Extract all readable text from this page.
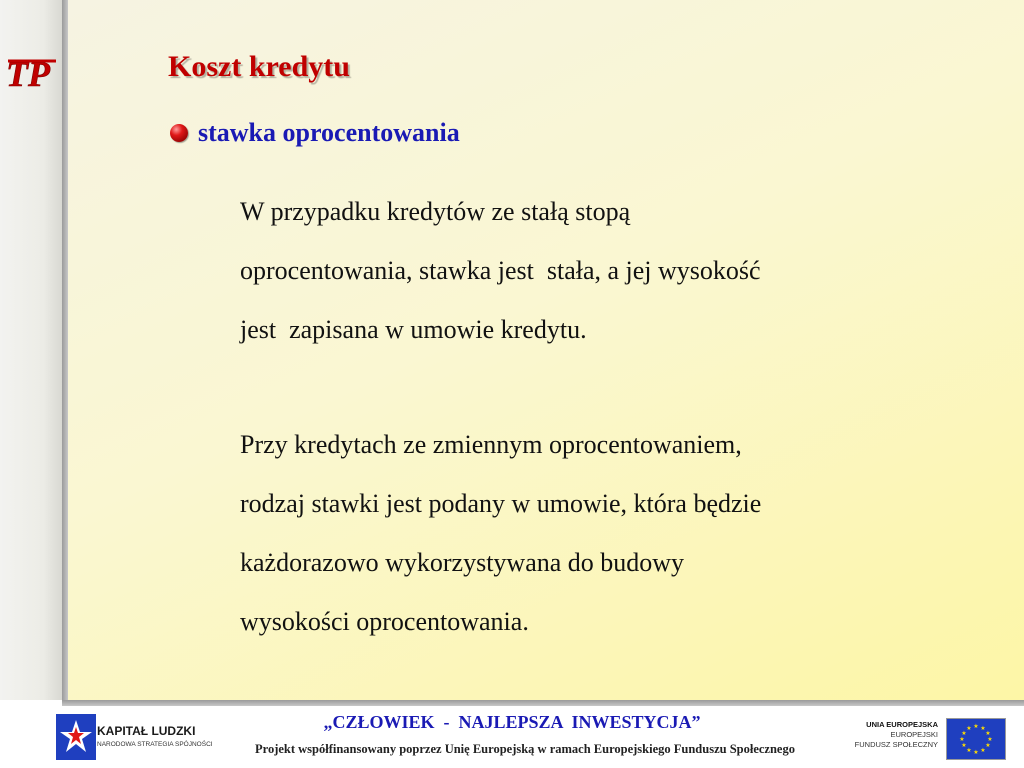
TP	Koszt kredytu
stawka oprocentowania
W przypadku kredytów ze stałą stopą
oprocentowania, stawka jest  stała, a jej wysokość
jest  zapisana w umowie kredytu.
Przy kredytach ze zmiennym oprocentowaniem,
rodzaj stawki jest podany w umowie, która będzie
każdorazowo wykorzystywana do budowy
wysokości oprocentowania.
KAPITAŁ LUDZKI
NARODOWA STRATEGIA SPÓJNOŚCI
„CZŁOWIEK  -  NAJLEPSZA  INWESTYCJA”
Projekt współfinansowany poprzez Unię Europejską w ramach Europejskiego Funduszu Społecznego
UNIA EUROPEJSKA
EUROPEJSKI
FUNDUSZ SPOŁECZNY
★ ★
★
★
★
★
★
★
★
★
★
★
